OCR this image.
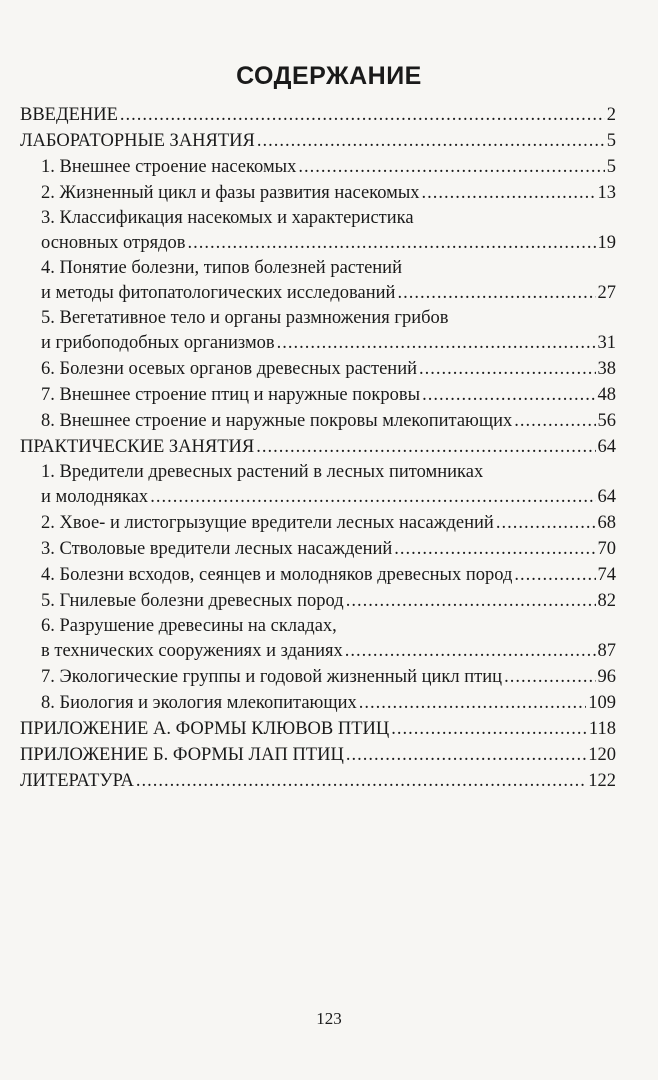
СОДЕРЖАНИЕ
ВВЕДЕНИЕ .....	2
ЛАБОРАТОРНЫЕ ЗАНЯТИЯ .....	5
1. Внешнее строение насекомых .....	5
2. Жизненный цикл и фазы развития насекомых .....	13
3. Классификация насекомых и характеристика
основных отрядов .....	19
4. Понятие болезни, типов болезней растений
и методы фитопатологических исследований .....	27
5. Вегетативное тело и органы размножения грибов
и грибоподобных организмов .....	31
6. Болезни осевых органов древесных растений .....	38
7. Внешнее строение птиц и наружные покровы .....	48
8. Внешнее строение и наружные покровы млекопитающих .....	56
ПРАКТИЧЕСКИЕ ЗАНЯТИЯ .....	64
1. Вредители древесных растений в лесных питомниках
и молодняках .....	64
2. Хвое- и листогрызущие вредители лесных насаждений .....	68
3. Стволовые вредители лесных насаждений .....	70
4. Болезни всходов, сеянцев и молодняков древесных пород .....	74
5. Гнилевые болезни древесных пород .....	82
6. Разрушение древесины на складах,
в технических сооружениях и зданиях .....	87
7. Экологические группы и годовой жизненный цикл птиц .....	96
8. Биология и экология млекопитающих .....	109
ПРИЛОЖЕНИЕ А. ФОРМЫ КЛЮВОВ ПТИЦ .....	118
ПРИЛОЖЕНИЕ Б. ФОРМЫ ЛАП ПТИЦ .....	120
ЛИТЕРАТУРА .....	122
123
